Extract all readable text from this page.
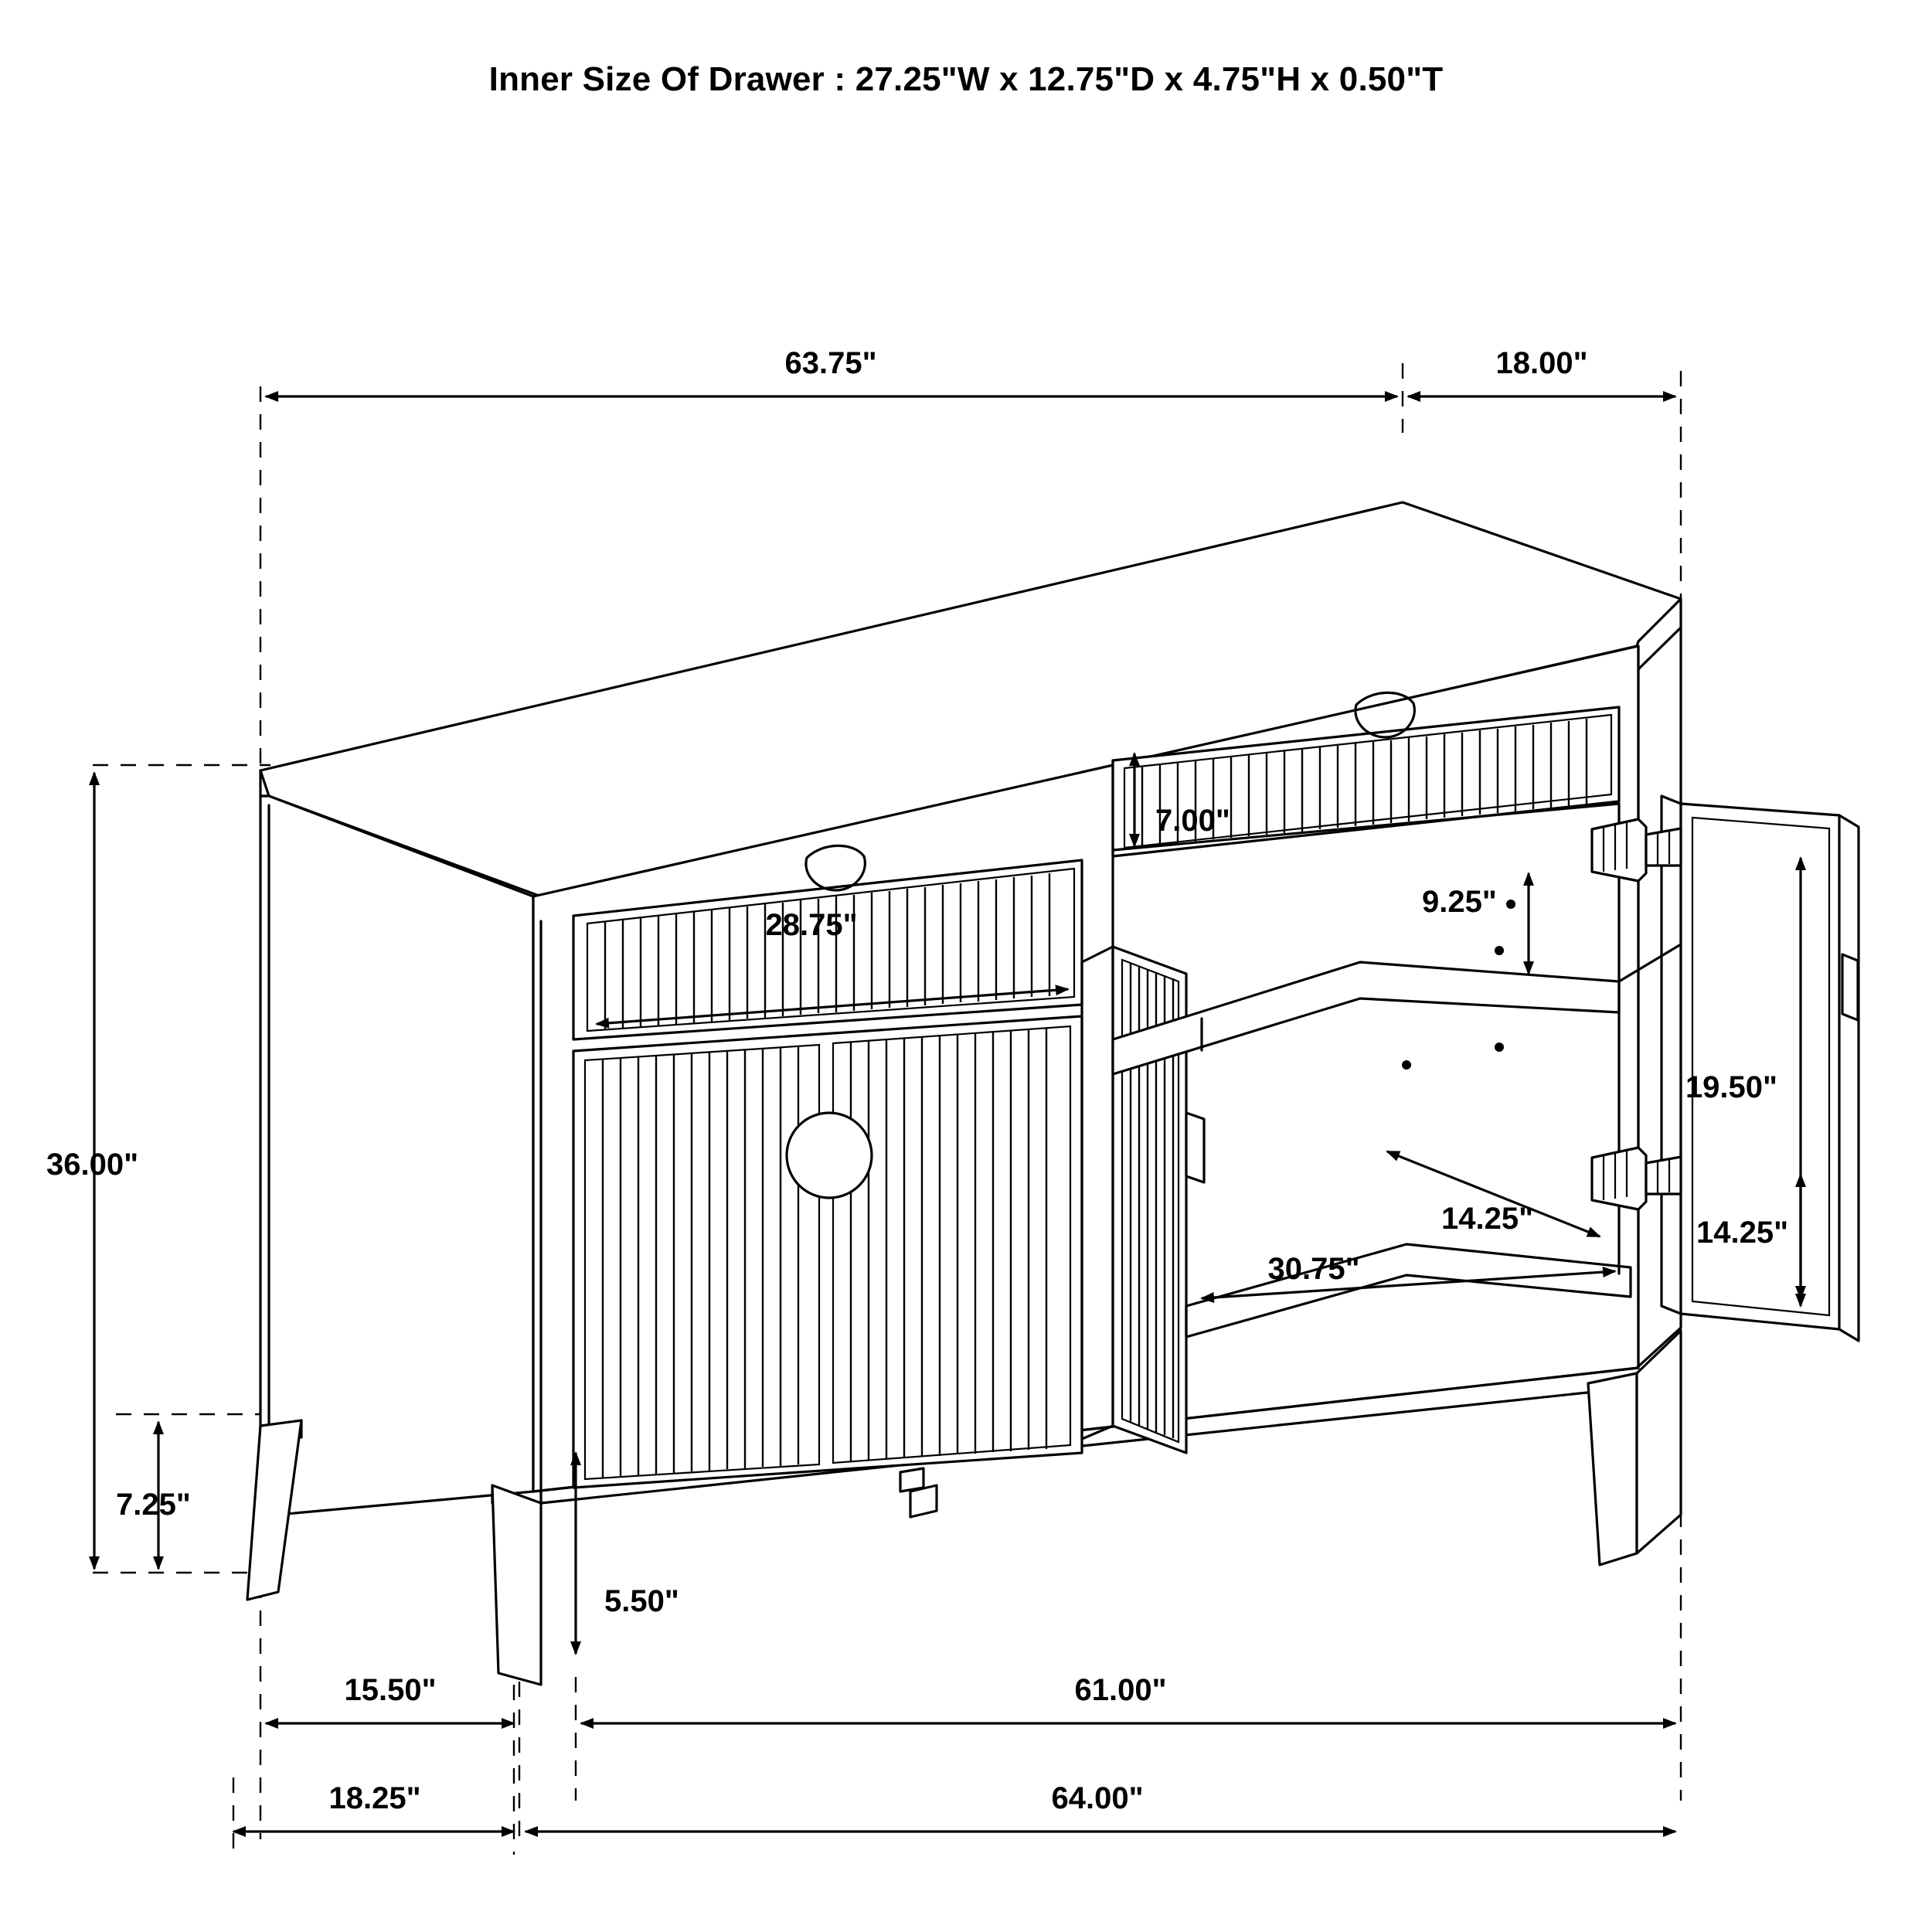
Inner Size Of Drawer : 27.25"W x 12.75"D x 4.75"H x 0.50"T
63.75"	18.00"
7.00"
9.25"
28.75"
19.50"
14.25"	14.25"
30.75"
36.00"
7.25"
5.50"
15.50"	61.00"
18.25"	64.00"
